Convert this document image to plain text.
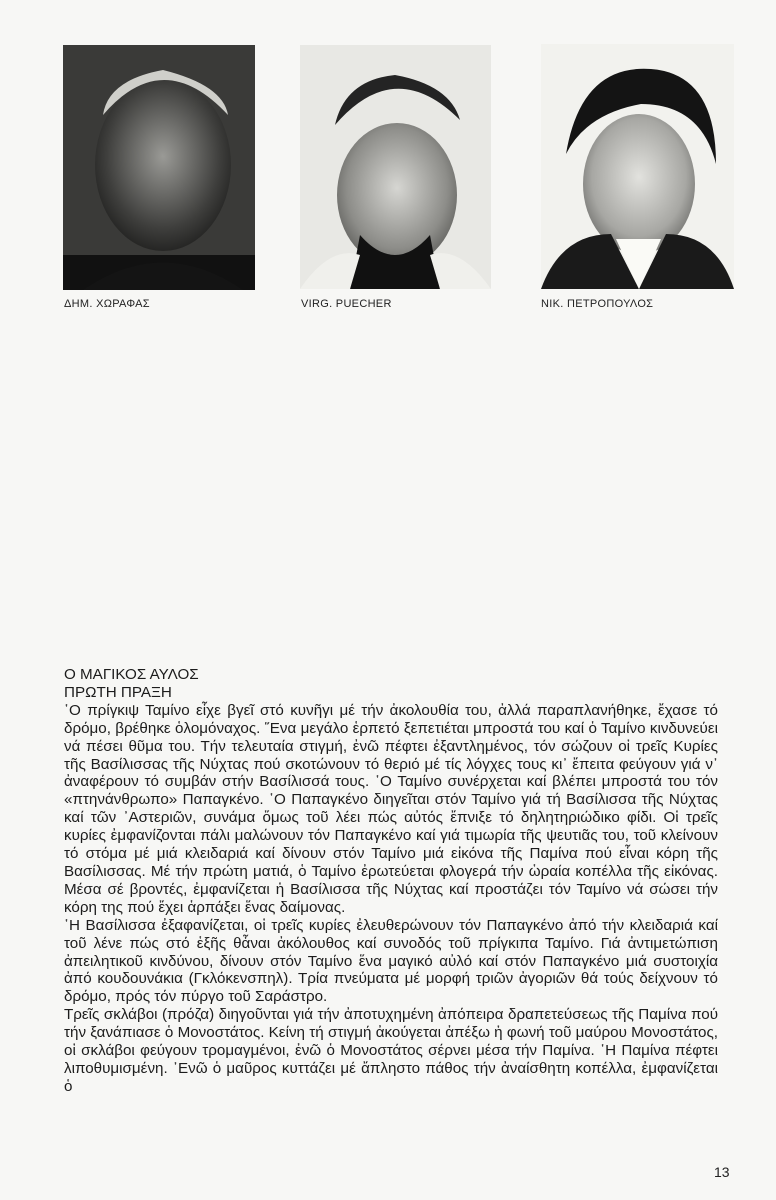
ΔΗΜ. ΧΩΡΑΦΑΣ	VIRG. PUECHER	NIK. ΠΕΤΡΟΠΟΥΛΟΣ
Ο ΜΑΓΙΚΟΣ ΑΥΛΟΣ
ΠΡΩΤΗ ΠΡΑΞΗ

῾Ο πρίγκιψ Ταμίνο εἶχε βγεῖ στό κυνῆγι μέ τήν ἀκολουθία του, ἀλλά παραπλανήθηκε, ἔχασε τό δρόμο, βρέθηκε ὁλομόναχος. ῞Ενα μεγάλο ἑρπετό ξεπετιέται μπροστά του καί ὁ Ταμίνο κινδυνεύει νά πέσει θῦμα του. Τήν τελευταία στιγμή, ἐνῶ πέφτει ἐξαντλημένος, τόν σώζουν οἱ τρεῖς Κυρίες τῆς Βασίλισσας τῆς Νύχτας πού σκοτώνουν τό θεριό μέ τίς λόγχες τους κι᾽ ἔπειτα φεύγουν γιά ν᾽ ἀναφέρουν τό συμβάν στήν Βασίλισσά τους. ῾Ο Ταμίνο συνέρχεται καί βλέπει μπροστά του τόν «πτηνάνθρωπο» Παπαγκένο. ῾Ο Παπαγκένο διηγεῖται στόν Ταμίνο γιά τή Βασίλισσα τῆς Νύχτας καί τῶν ᾽Αστεριῶν, συνάμα ὅμως τοῦ λέει πώς αὐτός ἔπνιξε τό δηλητηριώδικο φίδι. Οἱ τρεῖς κυρίες ἐμφανίζονται πάλι μαλώνουν τόν Παπαγκένο καί γιά τιμωρία τῆς ψευτιᾶς του, τοῦ κλείνουν τό στόμα μέ μιά κλειδαριά καί δίνουν στόν Ταμίνο μιά εἰκόνα τῆς Παμίνα πού εἶναι κόρη τῆς Βασίλισσας. Μέ τήν πρώτη ματιά, ὁ Ταμίνο ἐρωτεύεται φλογερά τήν ὡραία κοπέλλα τῆς εἰκόνας. Μέσα σέ βροντές, ἐμφανίζεται ἡ Βασίλισσα τῆς Νύχτας καί προστάζει τόν Ταμίνο νά σώσει τήν κόρη της πού ἔχει ἁρπάξει ἕνας δαίμονας.

῾Η Βασίλισσα ἐξαφανίζεται, οἱ τρεῖς κυρίες ἐλευθερώνουν τόν Παπαγκένο ἀπό τήν κλειδαριά καί τοῦ λένε πώς στό ἑξῆς θἆναι ἀκόλουθος καί συνοδός τοῦ πρίγκιπα Ταμίνο. Γιά ἀντιμετώπιση ἀπειλητικοῦ κινδύνου, δίνουν στόν Ταμίνο ἕνα μαγικό αὐλό καί στόν Παπαγκένο μιά συστοιχία ἀπό κουδουνάκια (Γκλόκενσπηλ). Τρία πνεύματα μέ μορφή τριῶν ἀγοριῶν θά τούς δείχνουν τό δρόμο, πρός τόν πύργο τοῦ Σαράστρο.

Τρεῖς σκλάβοι (πρόζα) διηγοῦνται γιά τήν ἀποτυχημένη ἀπόπειρα δραπετεύσεως τῆς Παμίνα πού τήν ξανάπιασε ὁ Μονοστάτος. Κείνη τή στιγμή ἀκούγεται ἀπέξω ἡ φωνή τοῦ μαύρου Μονοστάτος, οἱ σκλάβοι φεύγουν τρομαγμένοι, ἐνῶ ὁ Μονοστάτος σέρνει μέσα τήν Παμίνα. ῾Η Παμίνα πέφτει λιποθυμισμένη. ᾽Ενῶ ὁ μαῦρος κυττάζει μέ ἄπληστο πάθος τήν ἀναίσθητη κοπέλλα, ἐμφανίζεται ὁ

13
